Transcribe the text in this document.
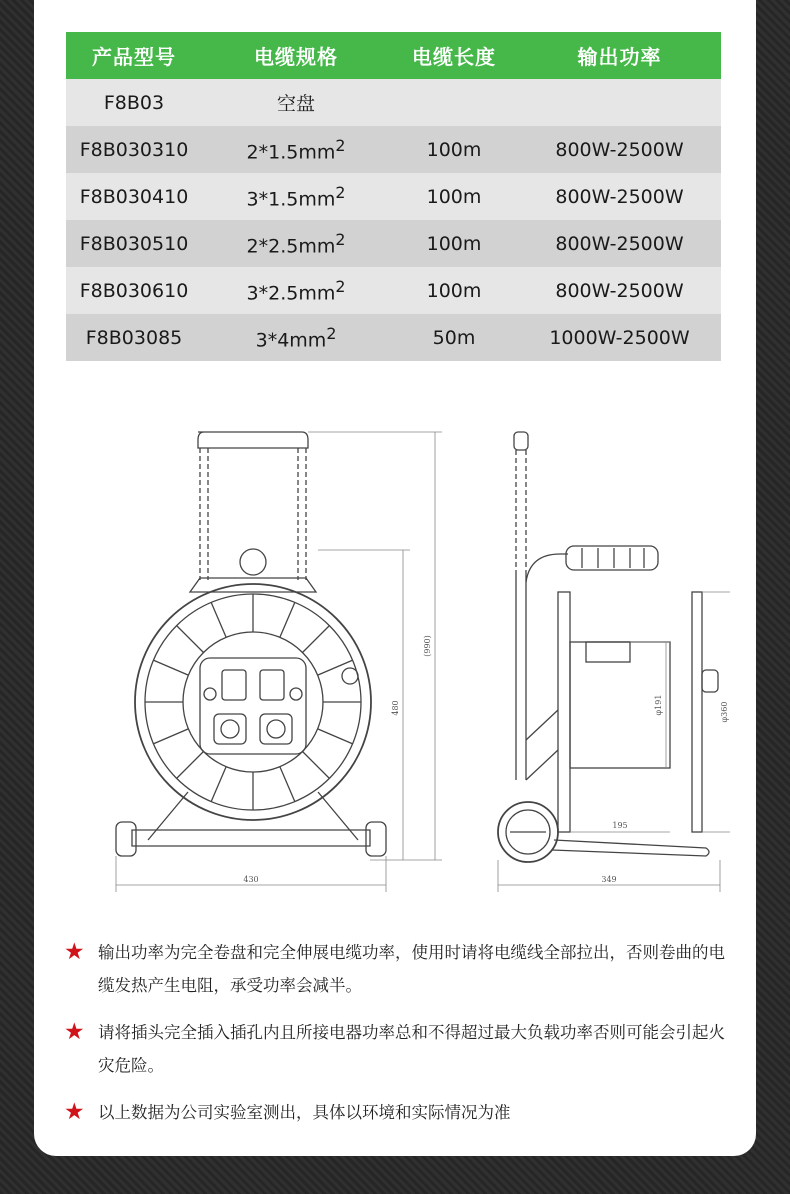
产品型号	电缆规格	电缆长度	输出功率
F8B03	空盘		
F8B030310	$2*1.5mm^2$	100m	800W-2500W
F8B030410	$3*1.5mm^2$	100m	800W-2500W
F8B030510	$2*2.5mm^2$	100m	800W-2500W
F8B030610	$3*2.5mm^2$	100m	800W-2500W
F8B03085	$3*4mm^2$	50m	1000W-2500W
(990)
480
430	349
φ191	φ360
195
★ 输出功率为完全卷盘和完全伸展电缆功率，使用时请将电缆线全部拉出，否则卷曲的电缆发热产生电阻，承受功率会减半。
★ 请将插头完全插入插孔内且所接电器功率总和不得超过最大负载功率否则可能会引起火灾危险。
★ 以上数据为公司实验室测出，具体以环境和实际情况为准
